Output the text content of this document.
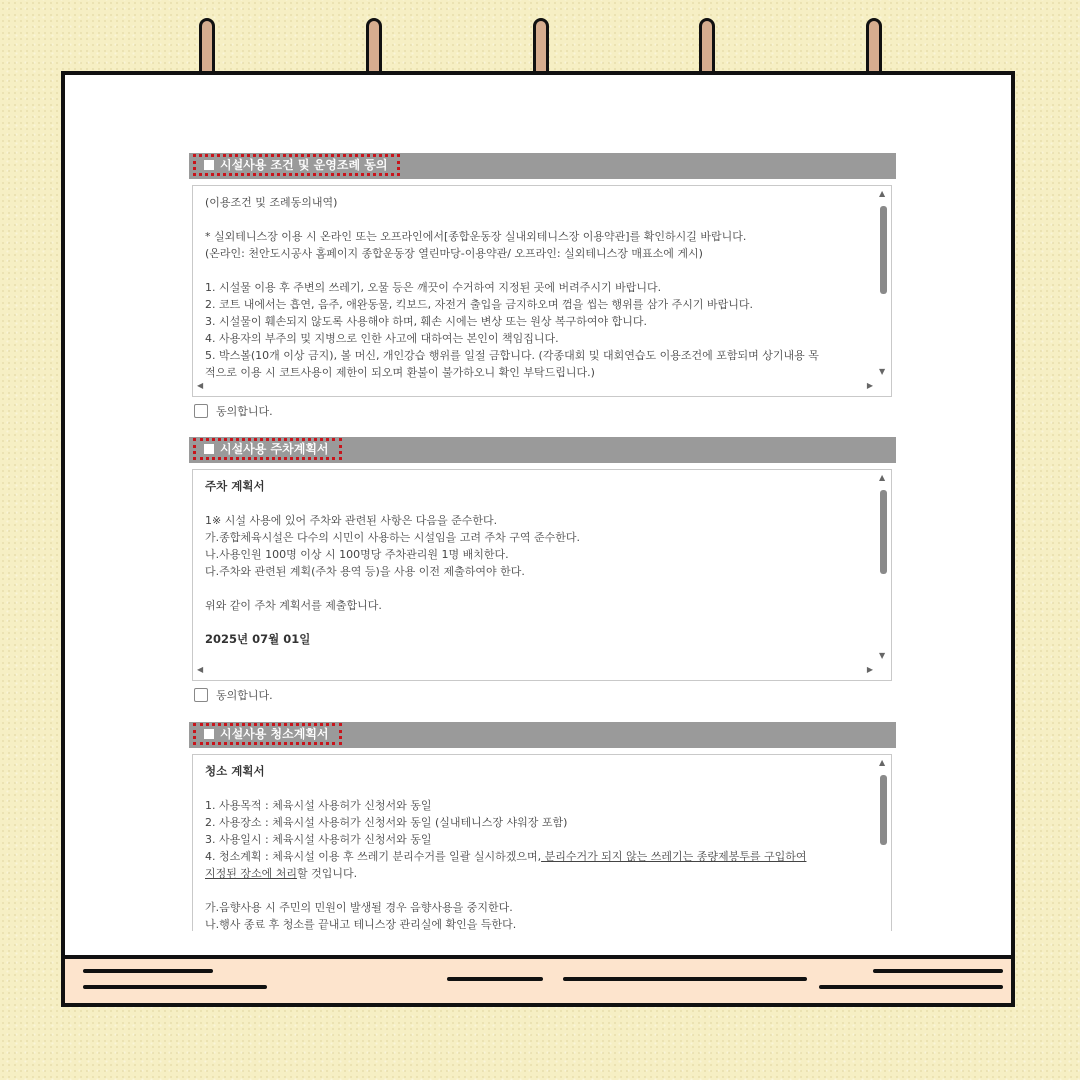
시설사용 조건 및 운영조례 동의

(이용조건 및 조례동의내역)

* 실외테니스장 이용 시 온라인 또는 오프라인에서[종합운동장 실내외테니스장 이용약관]를 확인하시길 바랍니다.

(온라인: 천안도시공사 홈페이지 종합운동장 열린마당-이용약관/ 오프라인: 실외테니스장 매표소에 게시)

1. 시설물 이용 후 주변의 쓰레기, 오물 등은 깨끗이 수거하여 지정된 곳에 버려주시기 바랍니다.

2. 코트 내에서는 흡연, 음주, 애완동물, 킥보드, 자전거 출입을 금지하오며 껌을 씹는 행위를 삼가 주시기 바랍니다.

3. 시설물이 훼손되지 않도록 사용해야 하며, 훼손 시에는 변상 또는 원상 복구하여야 합니다.

4. 사용자의 부주의 및 지병으로 인한 사고에 대하여는 본인이 책임집니다.

5. 박스볼(10개 이상 금지), 볼 머신, 개인강습 행위를 일절 금합니다. (각종대회 및 대회연습도 이용조건에 포함되며 상기내용 목

적으로 이용 시 코트사용이 제한이 되오며 환불이 불가하오니 확인 부탁드립니다.)

▲
▼
◀	▶
동의합니다.
시설사용 주차계획서

주차 계획서

1※ 시설 사용에 있어 주차와 관련된 사항은 다음을 준수한다.

가.종합체육시설은 다수의 시민이 사용하는 시설임을 고려 주차 구역 준수한다.

나.사용인원 100명 이상 시 100명당 주차관리원 1명 배치한다.

다.주차와 관련된 계획(주차 용역 등)을 사용 이전 제출하여야 한다.

위와 같이 주차 계획서를 제출합니다.

2025년 07월 01일

▲
▼
◀	▶
동의합니다.
시설사용 청소계획서

청소 계획서

1. 사용목적 : 체육시설 사용허가 신청서와 동일

2. 사용장소 : 체육시설 사용허가 신청서와 동일 (실내테니스장 샤워장 포함)

3. 사용일시 : 체육시설 사용허가 신청서와 동일

4. 청소계획 : 체육시설 이용 후 쓰레기 분리수거를 일괄 실시하겠으며, 분리수거가 되지 않는 쓰레기는 종량제봉투를 구입하여

지정된 장소에 처리할 것입니다.

가.음향사용 시 주민의 민원이 발생될 경우 음향사용을 중지한다.

나.행사 종료 후 청소를 끝내고 테니스장 관리실에 확인을 득한다.

▲
